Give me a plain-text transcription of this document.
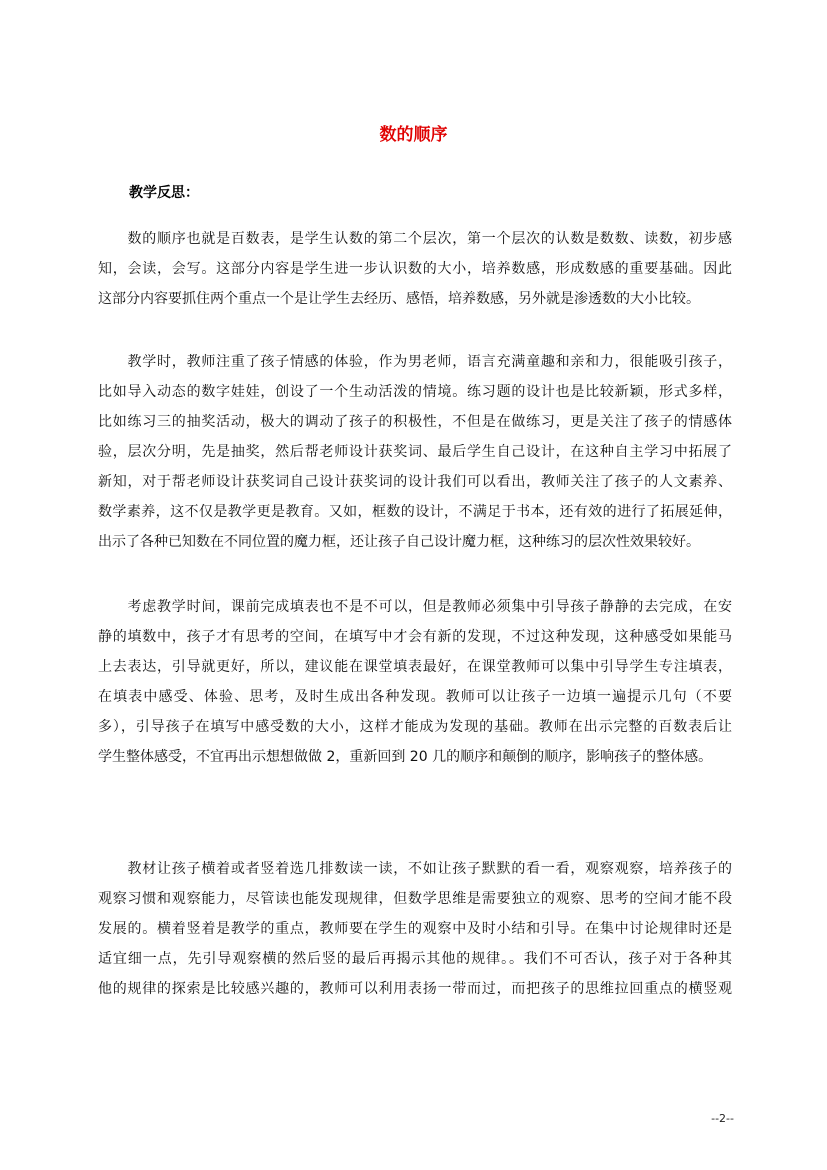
数的顺序
教学反思：
　　数的顺序也就是百数表，是学生认数的第二个层次，第一个层次的认数是数数、读数，初步感
知，会读，会写。这部分内容是学生进一步认识数的大小，培养数感，形成数感的重要基础。因此
这部分内容要抓住两个重点一个是让学生去经历、感悟，培养数感，另外就是渗透数的大小比较。
　　教学时，教师注重了孩子情感的体验，作为男老师，语言充满童趣和亲和力，很能吸引孩子，
比如导入动态的数字娃娃，创设了一个生动活泼的情境。练习题的设计也是比较新颖，形式多样，
比如练习三的抽奖活动，极大的调动了孩子的积极性，不但是在做练习，更是关注了孩子的情感体
验，层次分明，先是抽奖，然后帮老师设计获奖词、最后学生自己设计，在这种自主学习中拓展了
新知，对于帮老师设计获奖词自己设计获奖词的设计我们可以看出，教师关注了孩子的人文素养、
数学素养，这不仅是教学更是教育。又如，框数的设计，不满足于书本，还有效的进行了拓展延伸，
出示了各种已知数在不同位置的魔力框，还让孩子自己设计魔力框，这种练习的层次性效果较好。
　　考虑教学时间，课前完成填表也不是不可以，但是教师必须集中引导孩子静静的去完成，在安
静的填数中，孩子才有思考的空间，在填写中才会有新的发现，不过这种发现，这种感受如果能马
上去表达，引导就更好，所以，建议能在课堂填表最好，在课堂教师可以集中引导学生专注填表，
在填表中感受、体验、思考，及时生成出各种发现。教师可以让孩子一边填一遍提示几句（不要
多），引导孩子在填写中感受数的大小，这样才能成为发现的基础。教师在出示完整的百数表后让
学生整体感受，不宜再出示想想做做 2，重新回到 20 几的顺序和颠倒的顺序，影响孩子的整体感。
　　教材让孩子横着或者竖着选几排数读一读，不如让孩子默默的看一看，观察观察，培养孩子的
观察习惯和观察能力，尽管读也能发现规律，但数学思维是需要独立的观察、思考的空间才能不段
发展的。横着竖着是教学的重点，教师要在学生的观察中及时小结和引导。在集中讨论规律时还是
适宜细一点，先引导观察横的然后竖的最后再揭示其他的规律。。我们不可否认，孩子对于各种其
他的规律的探索是比较感兴趣的，教师可以利用表扬一带而过，而把孩子的思维拉回重点的横竖观
--2--
